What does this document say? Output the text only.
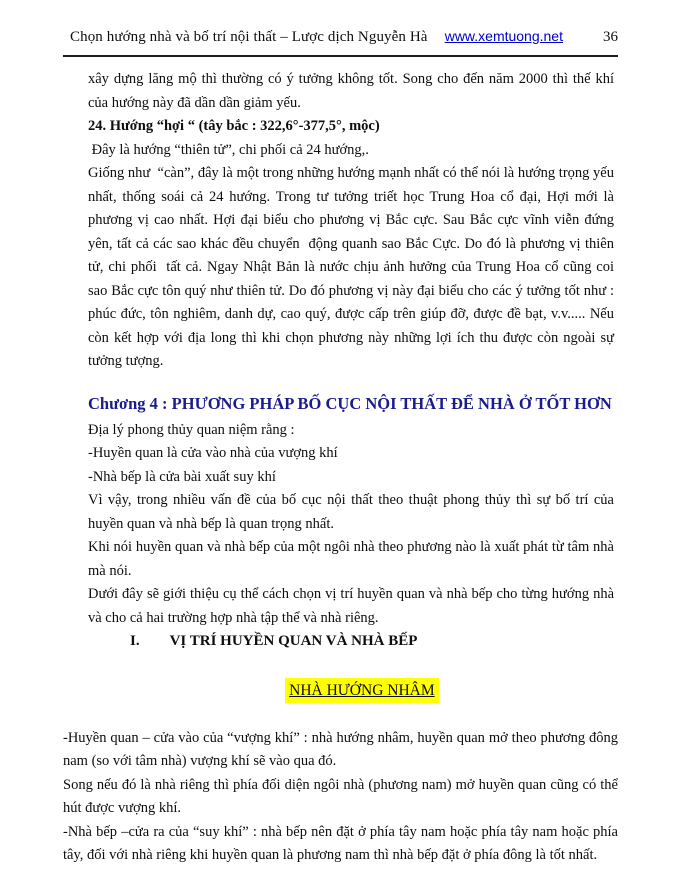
Chọn hướng nhà và bố trí nội thất – Lược dịch Nguyễn Hà www.xemtuong.net	36

xây dựng lăng mộ thì thường có ý tưởng không tốt. Song cho đến năm 2000 thì thế khí của hướng này đã dần dần giảm yếu.

24. Hướng “hợi “ (tây bắc : 322,6°-377,5°, mộc)

Đây là hướng “thiên tử”, chi phối cả 24 hướng,.

Giống như  “càn”, đây là một trong những hướng mạnh nhất có thể nói là hướng trọng yếu nhất, thống soái cả 24 hướng. Trong tư tưởng triết học Trung Hoa cổ đại, Hợi mới là phương vị cao nhất. Hợi đại biểu cho phương vị Bắc cực. Sau Bắc cực vĩnh viễn đứng yên, tất cả các sao khác đều chuyển  động quanh sao Bắc Cực. Do đó là phương vị thiên tử, chi phối  tất cả. Ngay Nhật Bản là nước chịu ảnh hưởng của Trung Hoa cổ cũng coi sao Bắc cực tôn quý như thiên tử. Do đó phương vị này đại biểu cho các ý tưởng tốt như : phúc đức, tôn nghiêm, danh dự, cao quý, được cấp trên giúp đỡ, được đề bạt, v.v..... Nếu còn kết hợp với địa long thì khi chọn phương này những lợi ích thu được còn ngoài sự tưởng tượng.

Chương 4 : PHƯƠNG PHÁP BỐ CỤC NỘI THẤT ĐỂ NHÀ Ở TỐT HƠN

Địa lý phong thủy quan niệm rằng :

-Huyền quan là cửa vào nhà của vượng khí

-Nhà bếp là cửa bài xuất suy khí

Vì vậy, trong nhiều vấn đề của bố cục nội thất theo thuật phong thủy thì sự bố trí của huyền quan và nhà bếp là quan trọng nhất.

Khi nói huyền quan và nhà bếp của một ngôi nhà theo phương nào là xuất phát từ tâm nhà mà nói.

Dưới đây sẽ giới thiệu cụ thể cách chọn vị trí huyền quan và nhà bếp cho từng hướng nhà và cho cả hai trường hợp nhà tập thể và nhà riêng.

I. VỊ TRÍ HUYỀN QUAN VÀ NHÀ BẾP

NHÀ HƯỚNG NHÂM

-Huyền quan – cửa vào của “vượng khí” : nhà hướng nhâm, huyền quan mở theo phương đông nam (so với tâm nhà) vượng khí sẽ vào qua đó.

Song nếu đó là nhà riêng thì phía đối diện ngôi nhà (phương nam) mở huyền quan cũng có thể hút được vượng khí.

-Nhà bếp –cửa ra của “suy khí” : nhà bếp nên đặt ở phía tây nam hoặc phía tây nam hoặc phía tây, đối với nhà riêng khi huyền quan là phương nam thì nhà bếp đặt ở phía đông là tốt nhất.
